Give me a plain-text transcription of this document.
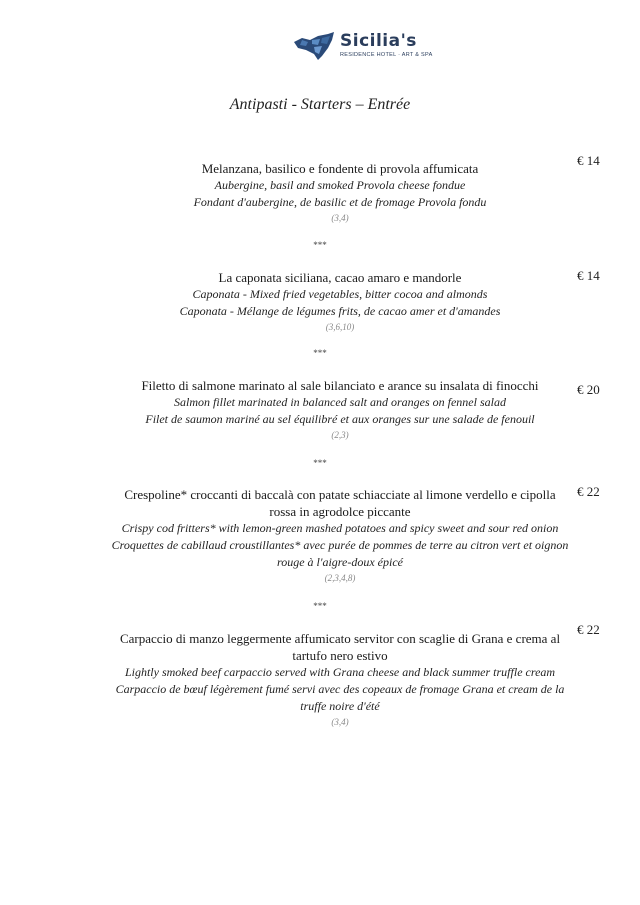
Sicilia's
RESIDENCE HOTEL · ART & SPA
Antipasti - Starters – Entrée
Melanzana, basilico e fondente di provola affumicata
Aubergine, basil and smoked Provola cheese fondue
Fondant d'aubergine, de basilic et de fromage Provola fondu
(3,4)
€ 14
***
La caponata siciliana, cacao amaro e mandorle
Caponata - Mixed fried vegetables, bitter cocoa and almonds
Caponata - Mélange de légumes frits, de cacao amer et d'amandes
(3,6,10)
€ 14
***
Filetto di salmone marinato al sale bilanciato e arance su insalata di finocchi
Salmon fillet marinated in balanced salt and oranges on fennel salad
Filet de saumon mariné au sel équilibré et aux oranges sur une salade de fenouil
(2,3)
€ 20
***
Crespoline* croccanti di baccalà con patate schiacciate al limone verdello e cipolla rossa in agrodolce piccante
Crispy cod fritters* with lemon-green mashed potatoes and spicy sweet and sour red onion
Croquettes de cabillaud croustillantes* avec purée de pommes de terre au citron vert et oignon rouge à l'aigre-doux épicé
(2,3,4,8)
€ 22
***
Carpaccio di manzo leggermente affumicato servitor con scaglie di Grana e crema al tartufo nero estivo
Lightly smoked beef carpaccio served with Grana cheese and black summer truffle cream
Carpaccio de bœuf légèrement fumé servi avec des copeaux de fromage Grana et cream de la truffe noire d'été
(3,4)
€ 22
